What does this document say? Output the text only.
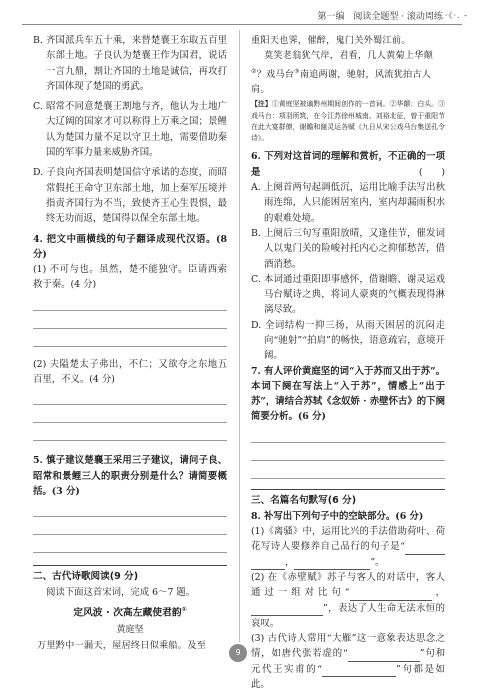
第一编
阅读全题型 · 滚动周练 ·《·. -

B. 齐国派兵车五十乘，来替楚襄王东取五百里东部土地。子良认为楚襄王作为国君，说话一言九鼎，割让齐国的土地是诚信，再攻打齐国体现了楚国的勇武。

C. 昭常不同意楚襄王割地与齐，他认为土地广大辽阔的国家才可以称得上万乘之国；景鲤认为楚国力量不足以守卫土地，需要借助秦国的军事力量来威胁齐国。

D. 子良向齐国表明楚国信守承诺的态度，而昭常假托王命守卫东部土地，加上秦军压境并指责齐国行为不当，致使齐王心生畏惧，最终无功而返，楚国得以保全东部土地。

4. 把文中画横线的句子翻译成现代汉语。(8 分)

(1) 不可与也。虽然，楚不能独守。臣请西索救于秦。(4 分)

(2) 夫隘楚太子弗出，不仁；又欲夺之东地五百里，不义。(4 分)

5. 慎子建议楚襄王采用三子建议，请问子良、昭常和景鲤三人的职责分别是什么？请简要概括。(3 分)

二、古代诗歌阅读(9 分)

阅读下面这首宋词，完成 6～7 题。

定风波 · 次高左藏使君韵①

黄庭坚

万里黔中一漏天，屋居终日似乘船。及至

重阳天也霁，催醉，鬼门关外蜀江前。

莫笑老翁犹气岸，君看，几人黄菊上华颠②？戏马台③南追两谢，驰射，风流犹拍古人肩。

【注】①黄庭坚被谪黔州期间创作的一首词。②华颠：白头。③戏马台：项羽所筑，在今江苏徐州城南。刘裕北征，曾于重阳节在此大宴群僚，谢瞻和谢灵运各赋《九日从宋公戏马台集送孔令诗》。

6. 下列对这首词的理解和赏析，不正确的一项是	(　　)

A. 上阕首两句起调低沉，运用比喻手法写出秋雨连绵，人只能困居室内，室内却漏雨积水的艰难处境。

B. 上阕后三句写重阳放晴，又逢佳节，催发词人以鬼门关的险峻衬托内心之抑郁愁苦，借酒消愁。

C. 本词通过重阳即事感怀，借谢瞻、谢灵运戏马台赋诗之典，将词人豪爽的气概表现得淋漓尽致。

D. 全词结构一抑三扬，从雨天困居的沉闷走向“驰射”“拍肩”的畅快，语意疏宕，意境开阔。

7. 有人评价黄庭坚的词“入于苏而又出于苏”。本词下阕在写法上“入于苏”，情感上“出于苏”，请结合苏轼《念奴娇 · 赤壁怀古》的下阕简要分析。(6 分)

三、名篇名句默写(6 分)

8. 补写出下列句子中的空缺部分。(6 分)

(1)《离骚》中，运用比兴的手法借助荷叶、荷花写诗人要修养自己品行的句子是“，	”。

(2) 在《赤壁赋》苏子与客人的对话中，客人通过一组对比句“	，”，表达了人生命无法永恒的哀叹。

(3) 古代诗人常用“大雁”这一意象表达思念之情，如唐代张若虚的“	”句和元代王实甫的“	”句都是如此。

9
